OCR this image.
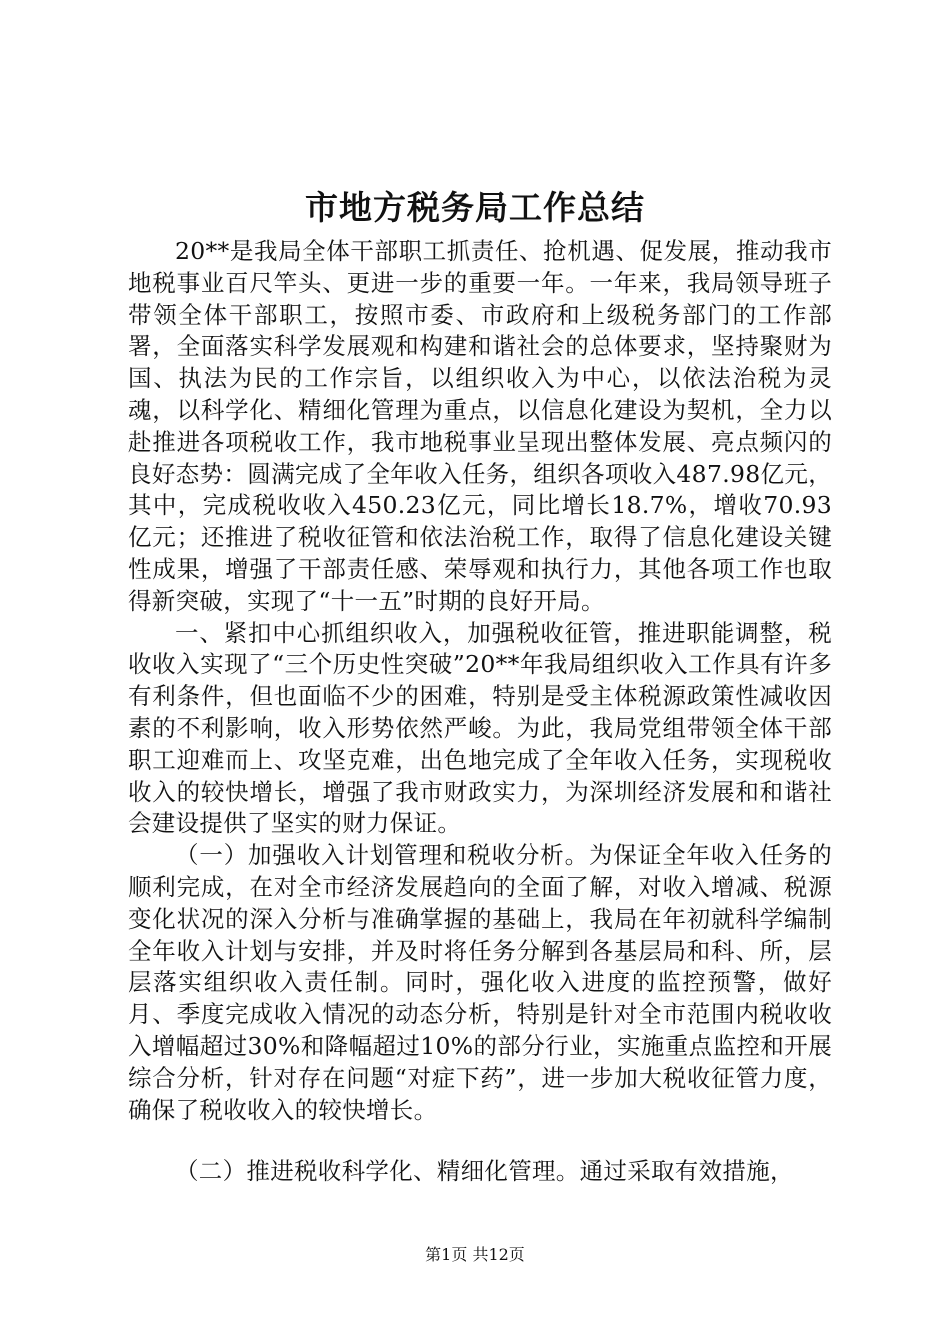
市地方税务局工作总结

20**是我局全体干部职工抓责任、抢机遇、促发展，推动我市地税事业百尺竿头、更进一步的重要一年。一年来，我局领导班子带领全体干部职工，按照市委、市政府和上级税务部门的工作部署，全面落实科学发展观和构建和谐社会的总体要求，坚持聚财为国、执法为民的工作宗旨，以组织收入为中心，以依法治税为灵魂，以科学化、精细化管理为重点，以信息化建设为契机，全力以赴推进各项税收工作，我市地税事业呈现出整体发展、亮点频闪的良好态势：圆满完成了全年收入任务，组织各项收入487.98亿元，其中，完成税收收入450.23亿元，同比增长18.7%，增收70.93亿元；还推进了税收征管和依法治税工作，取得了信息化建设关键性成果，增强了干部责任感、荣辱观和执行力，其他各项工作也取得新突破，实现了“十一五”时期的良好开局。

一、紧扣中心抓组织收入，加强税收征管，推进职能调整，税收收入实现了“三个历史性突破”20**年我局组织收入工作具有许多有利条件，但也面临不少的困难，特别是受主体税源政策性减收因素的不利影响，收入形势依然严峻。为此，我局党组带领全体干部职工迎难而上、攻坚克难，出色地完成了全年收入任务，实现税收收入的较快增长，增强了我市财政实力，为深圳经济发展和和谐社会建设提供了坚实的财力保证。

（一）加强收入计划管理和税收分析。为保证全年收入任务的顺利完成，在对全市经济发展趋向的全面了解，对收入增减、税源变化状况的深入分析与准确掌握的基础上，我局在年初就科学编制全年收入计划与安排，并及时将任务分解到各基层局和科、所，层层落实组织收入责任制。同时，强化收入进度的监控预警，做好月、季度完成收入情况的动态分析，特别是针对全市范围内税收收入增幅超过30%和降幅超过10%的部分行业，实施重点监控和开展综合分析，针对存在问题“对症下药”，进一步加大税收征管力度，确保了税收收入的较快增长。

（二）推进税收科学化、精细化管理。通过采取有效措施，

第1页 共12页
